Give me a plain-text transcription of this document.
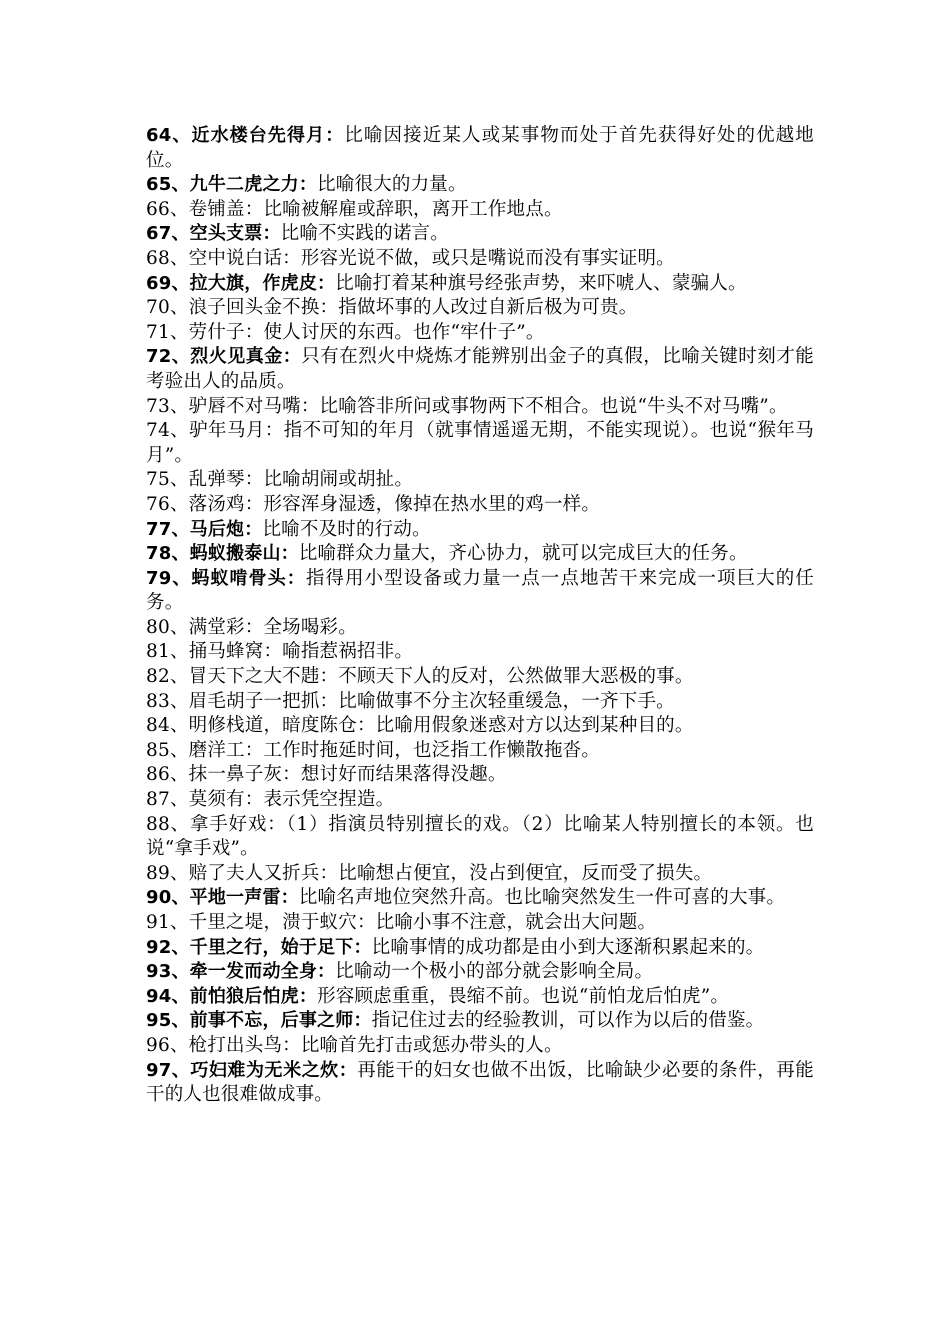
64、近水楼台先得月：比喻因接近某人或某事物而处于首先获得好处的优越地位。

65、九牛二虎之力：比喻很大的力量。

66、卷铺盖：比喻被解雇或辞职，离开工作地点。

67、空头支票：比喻不实践的诺言。

68、空中说白话：形容光说不做，或只是嘴说而没有事实证明。

69、拉大旗，作虎皮：比喻打着某种旗号经张声势，来吓唬人、蒙骗人。

70、浪子回头金不换：指做坏事的人改过自新后极为可贵。

71、劳什子：使人讨厌的东西。也作“牢什子”。

72、烈火见真金：只有在烈火中烧炼才能辨别出金子的真假，比喻关键时刻才能考验出人的品质。

73、驴唇不对马嘴：比喻答非所问或事物两下不相合。也说“牛头不对马嘴”。

74、驴年马月：指不可知的年月（就事情遥遥无期，不能实现说）。也说“猴年马月”。

75、乱弹琴：比喻胡闹或胡扯。

76、落汤鸡：形容浑身湿透，像掉在热水里的鸡一样。

77、马后炮：比喻不及时的行动。

78、蚂蚁搬泰山：比喻群众力量大，齐心协力，就可以完成巨大的任务。

79、蚂蚁啃骨头：指得用小型设备或力量一点一点地苦干来完成一项巨大的任务。

80、满堂彩：全场喝彩。

81、捅马蜂窝：喻指惹祸招非。

82、冒天下之大不韪：不顾天下人的反对，公然做罪大恶极的事。

83、眉毛胡子一把抓：比喻做事不分主次轻重缓急，一齐下手。

84、明修栈道，暗度陈仓：比喻用假象迷惑对方以达到某种目的。

85、磨洋工：工作时拖延时间，也泛指工作懒散拖沓。

86、抹一鼻子灰：想讨好而结果落得没趣。

87、莫须有：表示凭空捏造。

88、拿手好戏：（1）指演员特别擅长的戏。（2）比喻某人特别擅长的本领。也说“拿手戏”。

89、赔了夫人又折兵：比喻想占便宜，没占到便宜，反而受了损失。

90、平地一声雷：比喻名声地位突然升高。也比喻突然发生一件可喜的大事。

91、千里之堤，溃于蚁穴：比喻小事不注意，就会出大问题。

92、千里之行，始于足下：比喻事情的成功都是由小到大逐渐积累起来的。

93、牵一发而动全身：比喻动一个极小的部分就会影响全局。

94、前怕狼后怕虎：形容顾虑重重，畏缩不前。也说“前怕龙后怕虎”。

95、前事不忘，后事之师：指记住过去的经验教训，可以作为以后的借鉴。

96、枪打出头鸟：比喻首先打击或惩办带头的人。

97、巧妇难为无米之炊：再能干的妇女也做不出饭，比喻缺少必要的条件，再能干的人也很难做成事。
